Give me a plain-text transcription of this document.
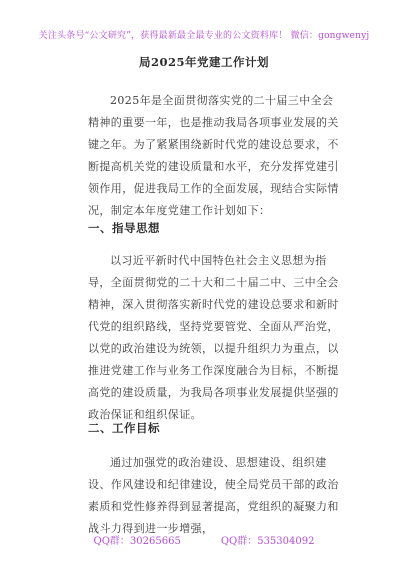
关注头条号“公文研究”，获得最新最全最专业的公文资料库！ 微信：gongwenyj
局2025年党建工作计划

2025年是全面贯彻落实党的二十届三中全会精神的重要一年，也是推动我局各项事业发展的关键之年。为了紧紧围绕新时代党的建设总要求，不断提高机关党的建设质量和水平，充分发挥党建引领作用，促进我局工作的全面发展，现结合实际情况，制定本年度党建工作计划如下：

一、指导思想

以习近平新时代中国特色社会主义思想为指导，全面贯彻党的二十大和二十届二中、三中全会精神，深入贯彻落实新时代党的建设总要求和新时代党的组织路线，坚持党要管党、全面从严治党，以党的政治建设为统领，以提升组织力为重点，以推进党建工作与业务工作深度融合为目标，不断提高党的建设质量，为我局各项事业发展提供坚强的政治保证和组织保证。

二、工作目标

通过加强党的政治建设、思想建设、组织建设、作风建设和纪律建设，使全局党员干部的政治素质和党性修养得到显著提高，党组织的凝聚力和战斗力得到进一步增强，

QQ群：30265665	QQ群：535304092
